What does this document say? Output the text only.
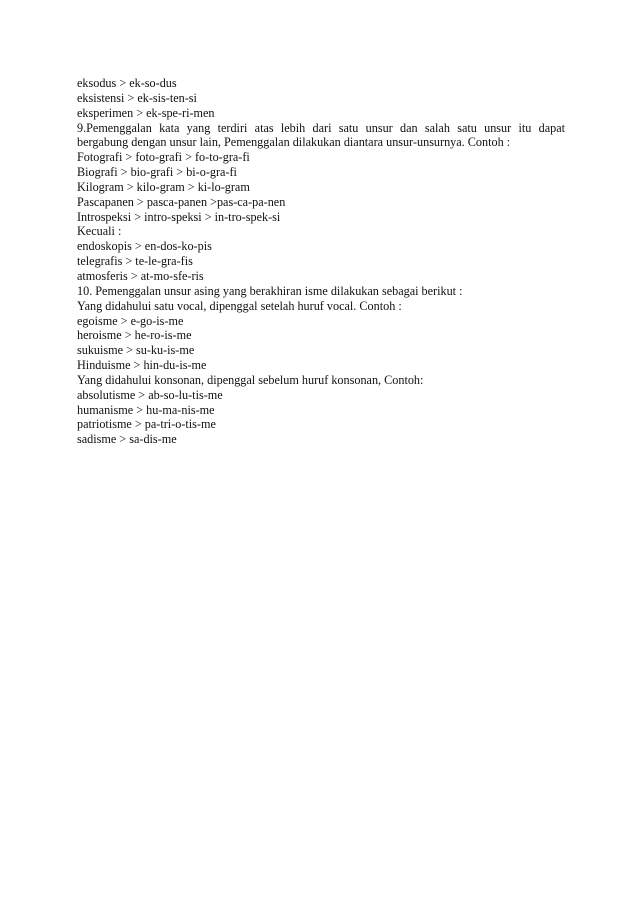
eksodus > ek-so-dus

eksistensi > ek-sis-ten-si

eksperimen > ek-spe-ri-men

9.Pemenggalan kata yang terdiri atas lebih dari satu unsur dan salah satu unsur itu dapat

bergabung dengan unsur lain, Pemenggalan dilakukan diantara unsur-unsurnya. Contoh :

Fotografi > foto-grafi > fo-to-gra-fi

Biografi > bio-grafi > bi-o-gra-fi

Kilogram > kilo-gram > ki-lo-gram

Pascapanen > pasca-panen >pas-ca-pa-nen

Introspeksi > intro-speksi > in-tro-spek-si

Kecuali :

endoskopis > en-dos-ko-pis

telegrafis > te-le-gra-fis

atmosferis > at-mo-sfe-ris

10. Pemenggalan unsur asing yang berakhiran isme dilakukan sebagai berikut :

Yang didahului satu vocal, dipenggal setelah huruf vocal. Contoh :

egoisme > e-go-is-me

heroisme > he-ro-is-me

sukuisme > su-ku-is-me

Hinduisme > hin-du-is-me

Yang didahului konsonan, dipenggal sebelum huruf konsonan, Contoh:

absolutisme > ab-so-lu-tis-me

humanisme > hu-ma-nis-me

patriotisme > pa-tri-o-tis-me

sadisme > sa-dis-me
